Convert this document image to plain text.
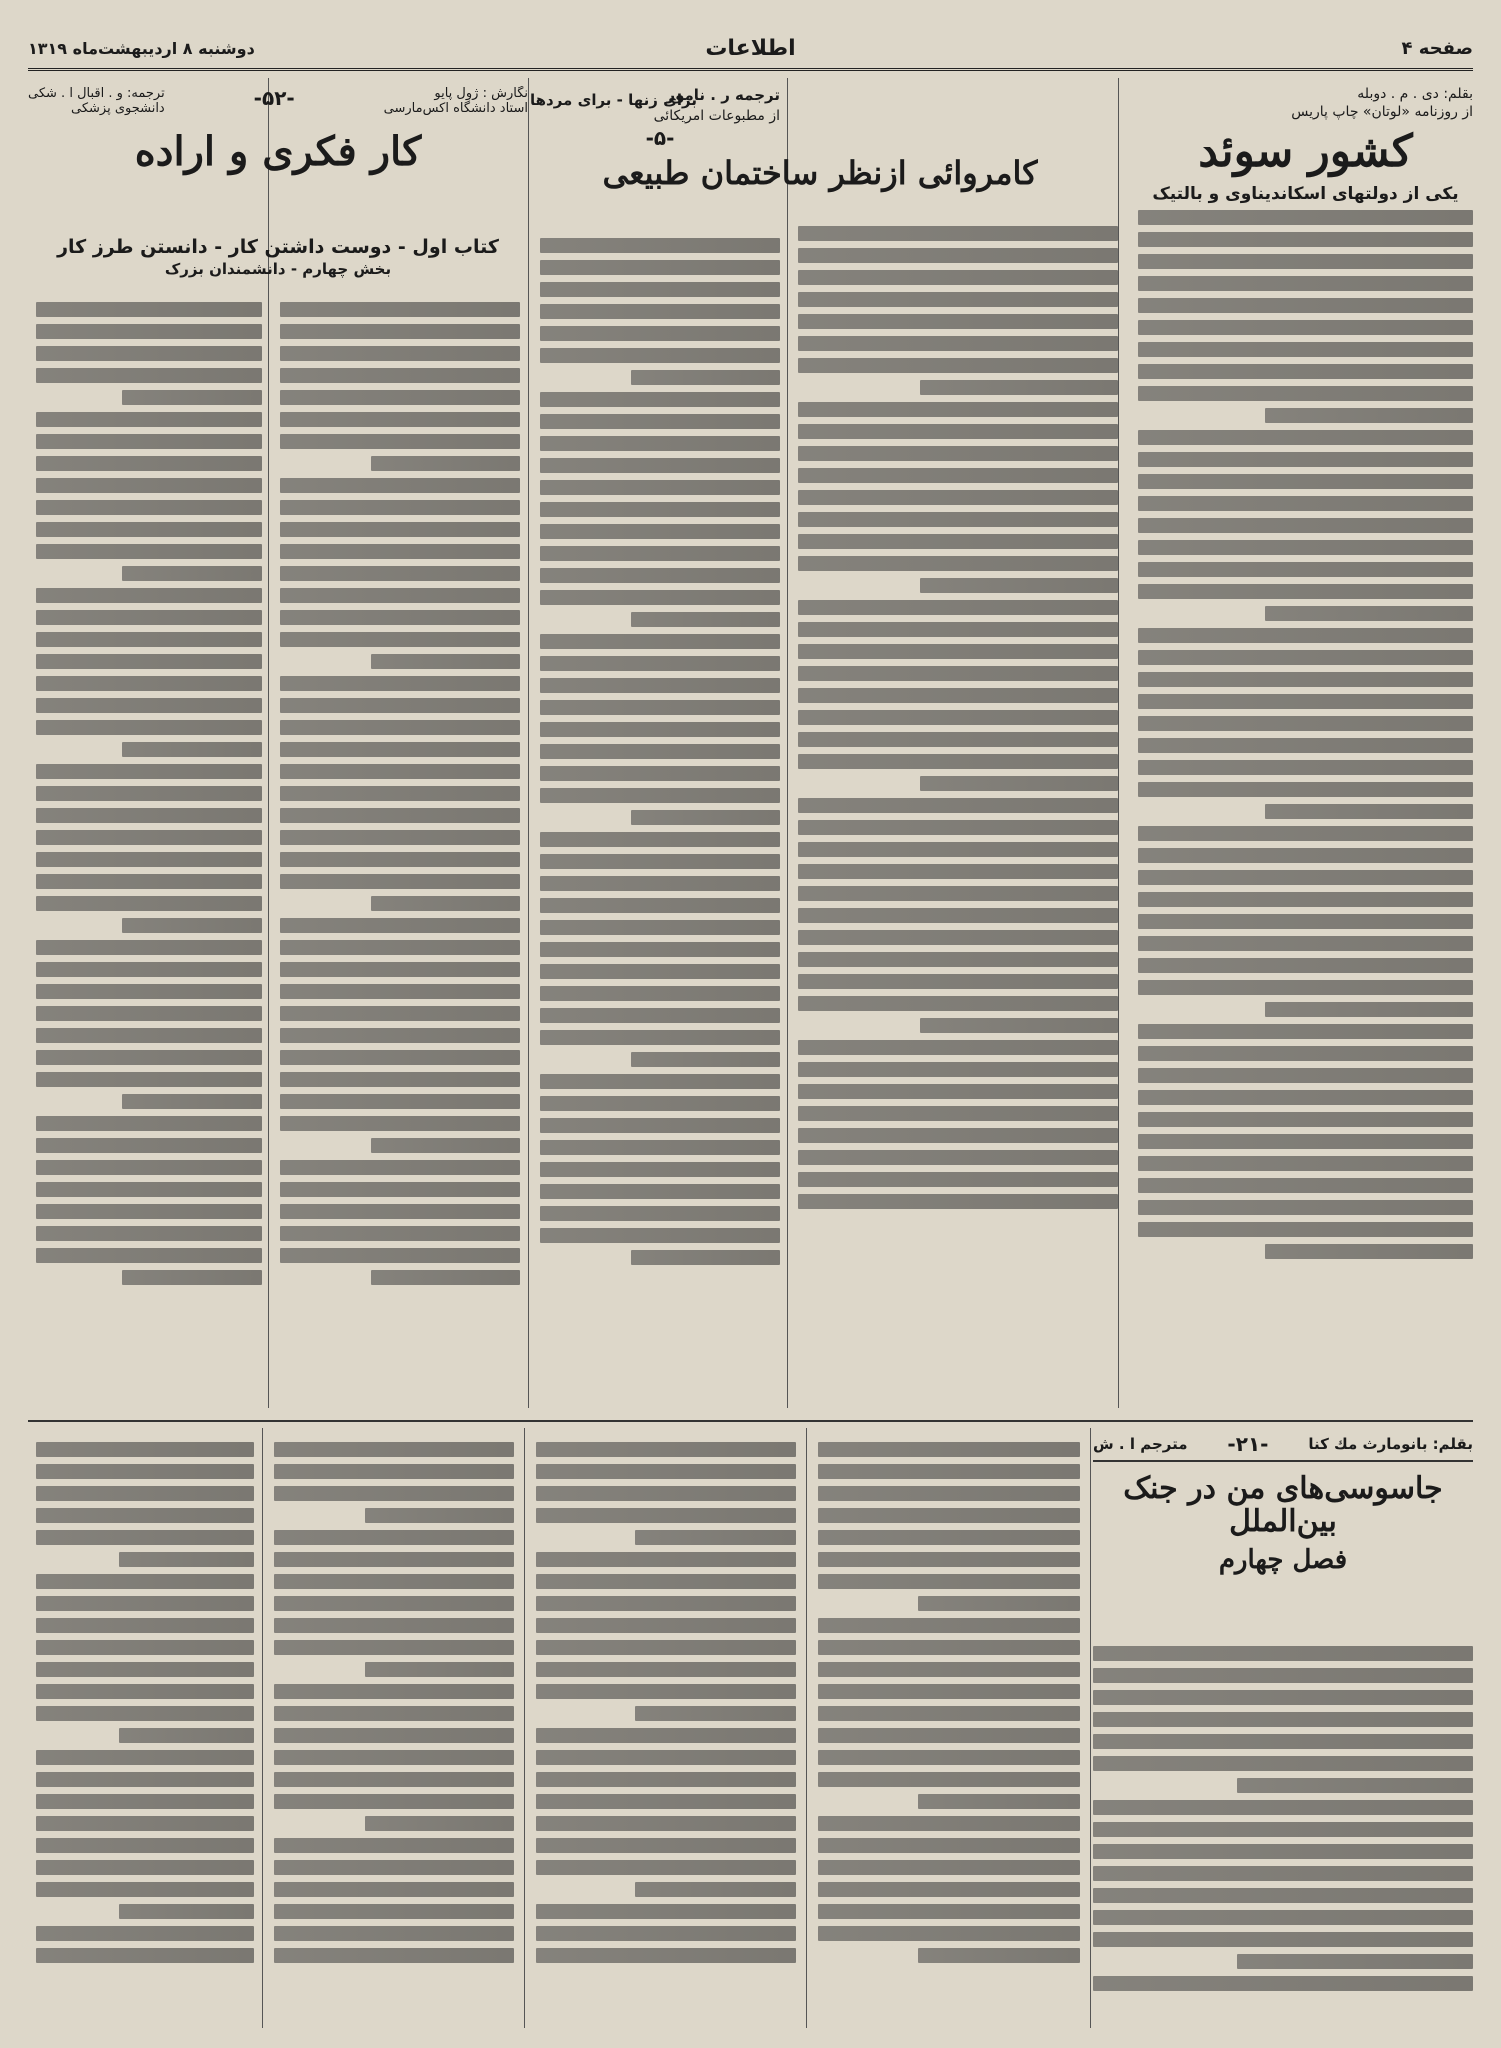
صفحه ۴
اطلاعات
دوشنبه ۸ اردیبهشت‌ماه ۱۳۱۹
بقلم: دی . م . دوبله
از روزنامه «لوتان» چاپ پاریس
کشور سوئد
یکی از دولتهای اسکاندیناوی و بالتیک
ترجمه ر . نامور
از مطبوعات امریکائی
-۵-
کامروائی ازنظر ساختمان طبیعی
برای زنها - برای مردها
نگارش : ژول پایو
استاد دانشگاه اکس‌مارسی
-۵۲-
ترجمه: و . اقبال ا . شکی
دانشجوی پزشکی
کار فکری و اراده
کتاب اول - دوست داشتن کار - دانستن طرز کار
بخش چهارم - دانشمندان بزرک
بقلم: بانومارث مك کنا
-۲۱-
مترجم ا . ش
جاسوسی‌های من در جنک بین‌الملل
فصل چهارم
